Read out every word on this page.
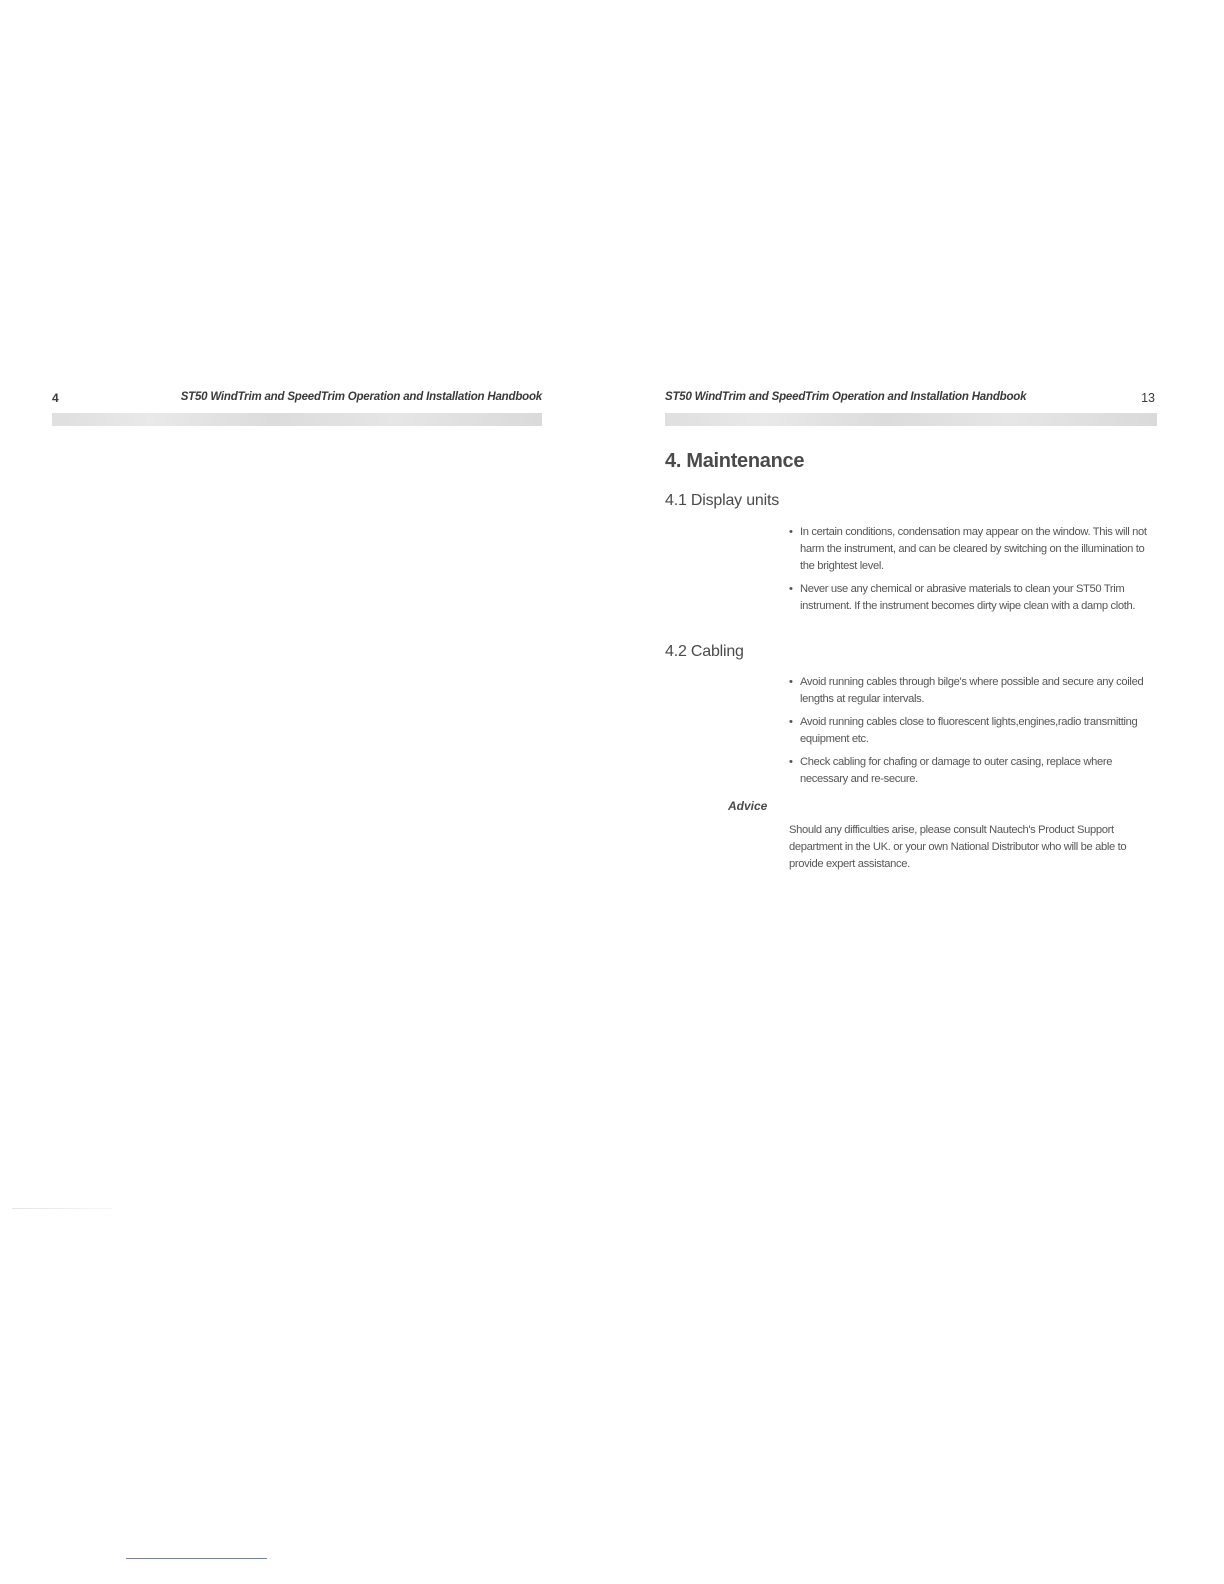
4	ST50 WindTrim and SpeedTrim Operation and Installation Handbook	ST50 WindTrim and SpeedTrim Operation and Installation Handbook	13
4. Maintenance
4.1 Display units
• In certain conditions, condensation may appear on the window. This will not harm the instrument, and can be cleared by switching on the illumination to the brightest level.
• Never use any chemical or abrasive materials to clean your ST50 Trim instrument. If the instrument becomes dirty wipe clean with a damp cloth.
4.2 Cabling
• Avoid running cables through bilge's where possible and secure any coiled lengths at regular intervals.
• Avoid running cables close to fluorescent lights,engines,radio transmitting equipment etc.
• Check cabling for chafing or damage to outer casing, replace where necessary and re-secure.
Advice

Should any difficulties arise, please consult Nautech's Product Support department in the UK. or your own National Distributor who will be able to provide expert assistance.
